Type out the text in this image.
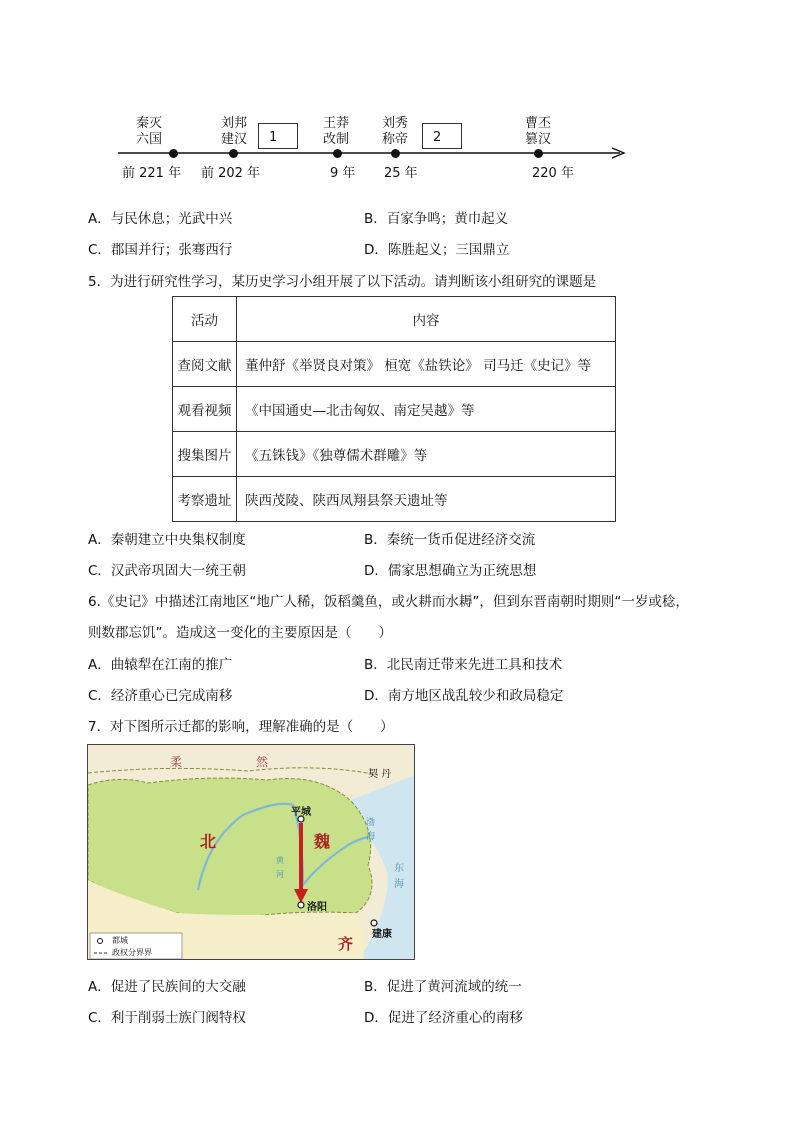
秦灭
六国
前 221 年
刘邦
建汉
前 202 年
1
王莽
改制
9 年
刘秀
称帝
25 年
2
曹丕
篡汉
220 年
A．与民休息；光武中兴	B．百家争鸣；黄巾起义
C．郡国并行；张骞西行	D．陈胜起义；三国鼎立
5．为进行研究性学习，某历史学习小组开展了以下活动。请判断该小组研究的课题是
活动	内容
查阅文献	董仲舒《举贤良对策》 桓宽《盐铁论》 司马迁《史记》等
观看视频	《中国通史—北击匈奴、南定吴越》等
搜集图片	《五铢钱》《独尊儒术群雕》等
考察遗址	陕西茂陵、陕西凤翔县祭天遗址等
A．秦朝建立中央集权制度	B．秦统一货币促进经济交流
C．汉武帝巩固大一统王朝	D．儒家思想确立为正统思想
6.《史记》中描述江南地区“地广人稀，饭稻羹鱼，或火耕而水耨”，但到东晋南朝时期则“一岁或稔，
则数郡忘饥”。造成这一变化的主要原因是（　　）
A．曲辕犁在江南的推广	B．北民南迁带来先进工具和技术
C．经济重心已完成南移	D．南方地区战乱较少和政局稳定
7．对下图所示迁都的影响，理解准确的是（　　）
柔	然
契 丹
北	魏
齐
平城
洛阳
建康
渤
海
东
海
黄
河
都城
政权分界界
A．促进了民族间的大交融	B．促进了黄河流域的统一
C．利于削弱士族门阀特权	D．促进了经济重心的南移
